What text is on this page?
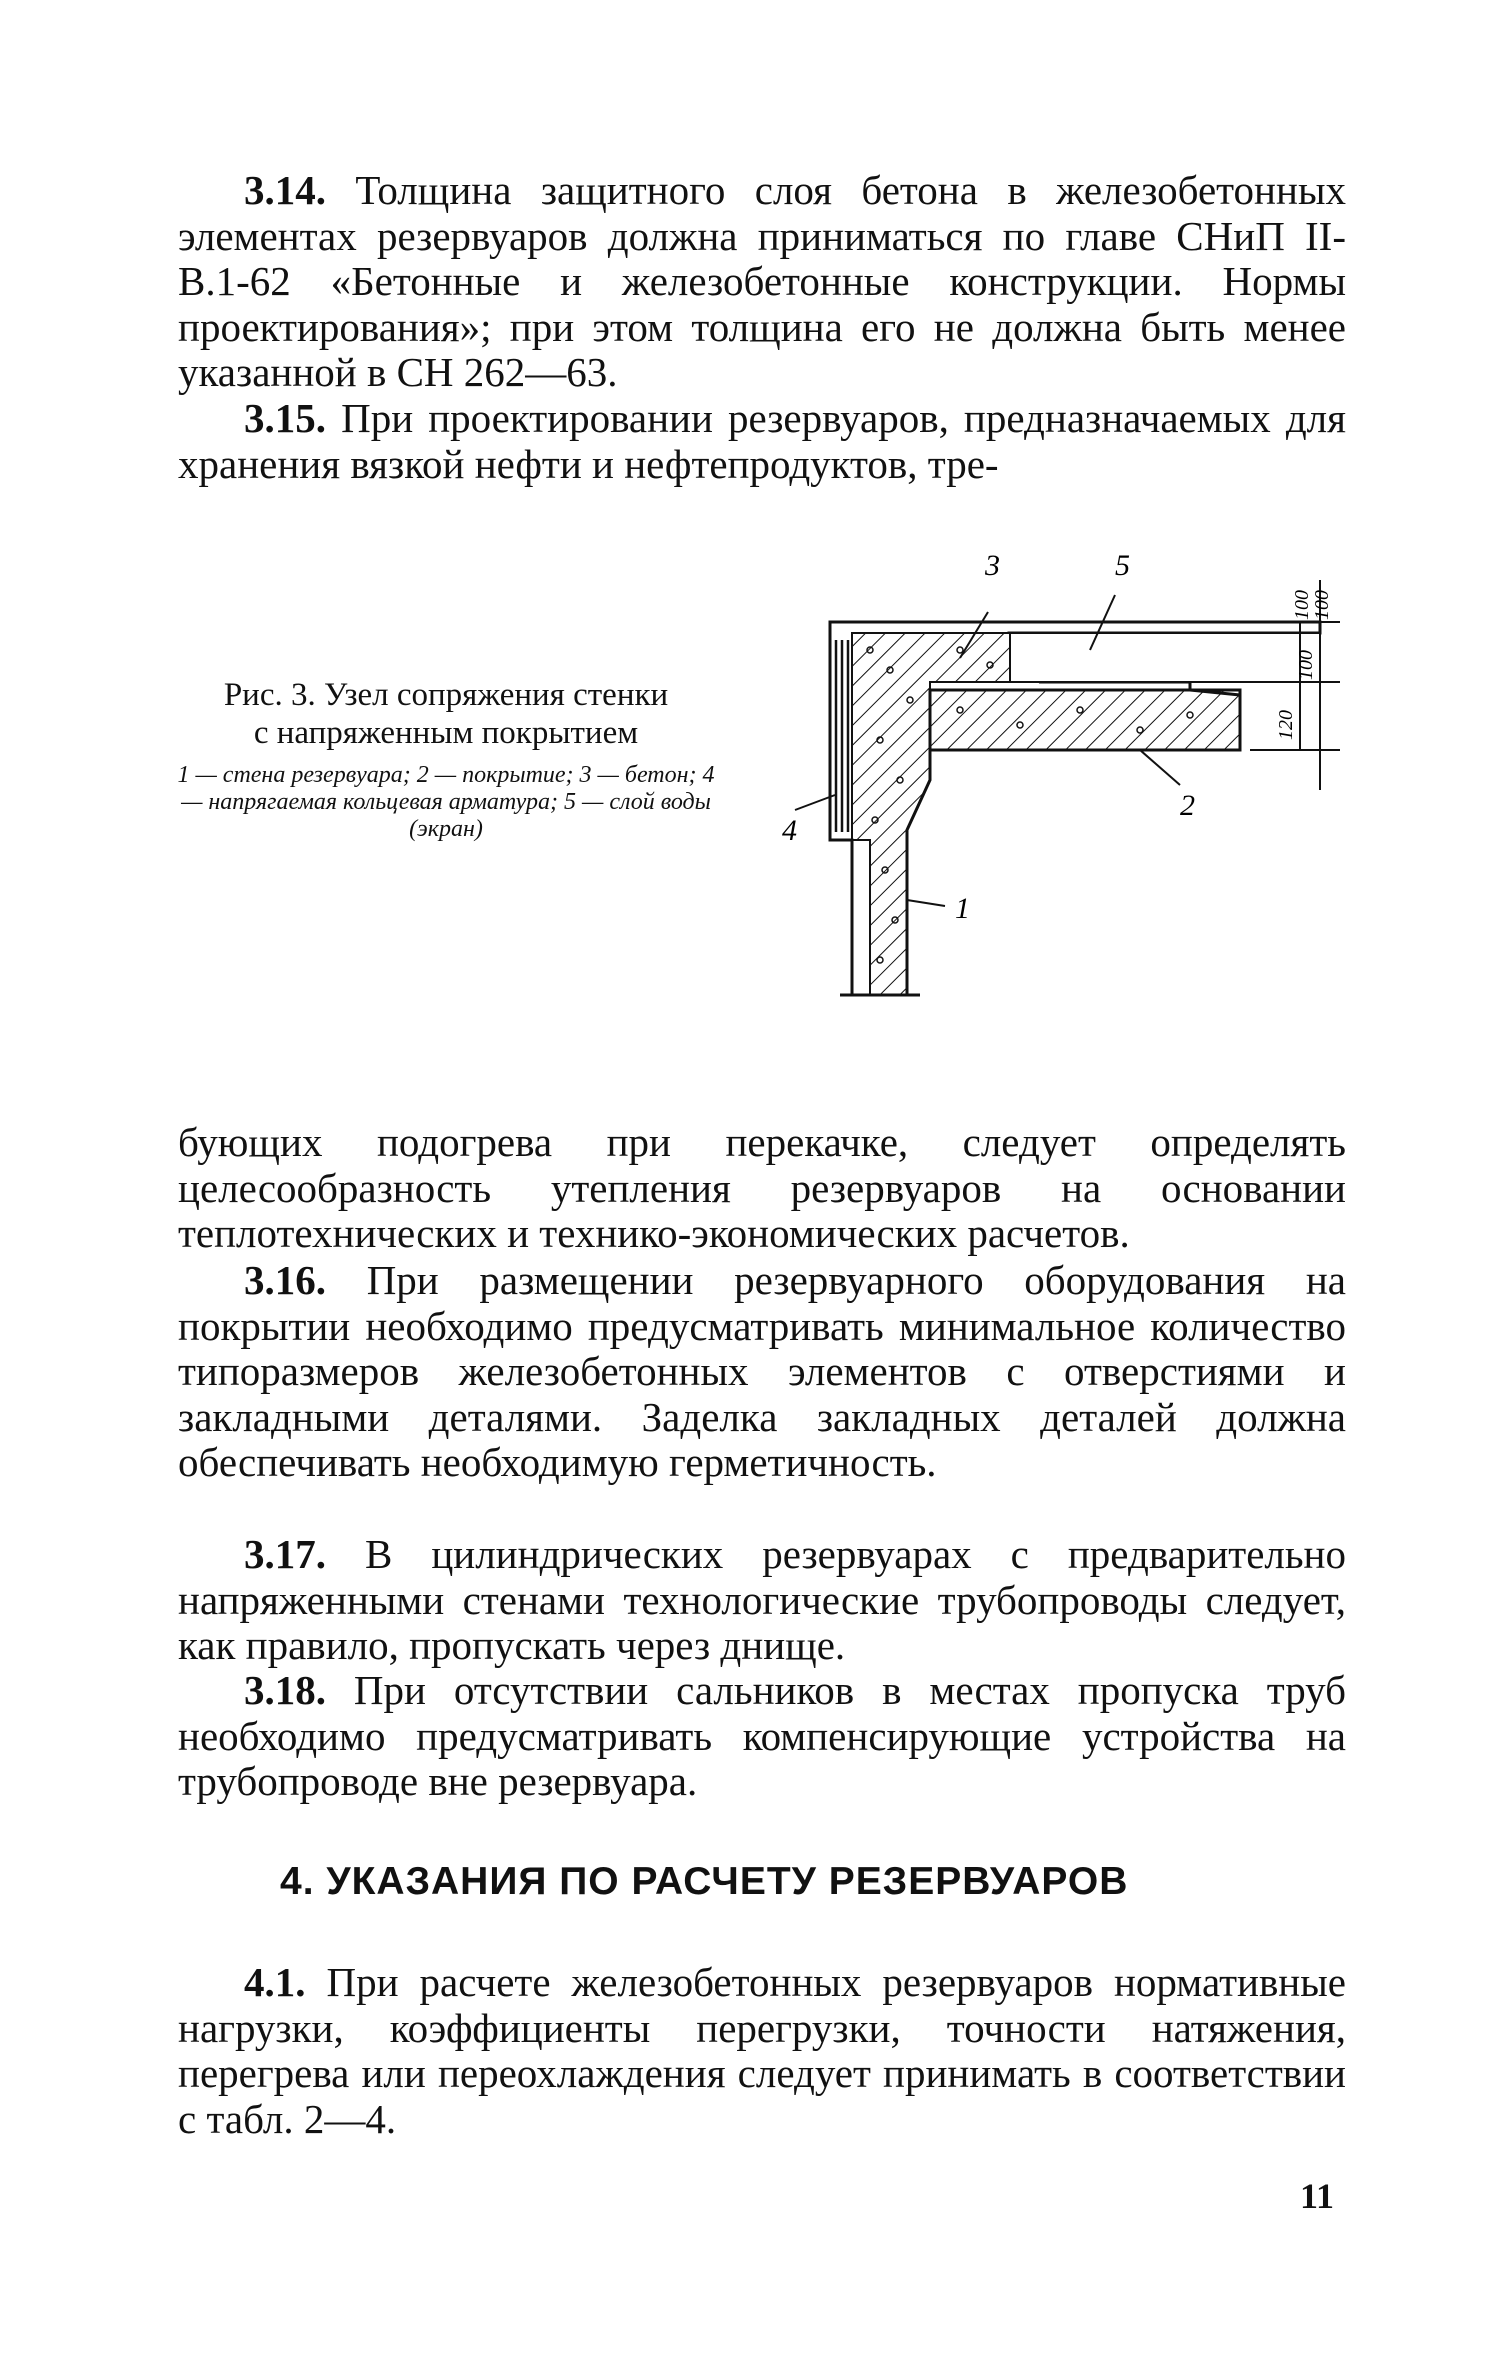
3.14. Толщина защитного слоя бетона в железобетонных элементах резервуаров должна приниматься по главе СНиП II-В.1-62 «Бетонные и железобетонные конструкции. Нормы проектирования»; при этом толщина его не должна быть менее указанной в СН 262—63.
3.15. При проектировании резервуаров, предназначаемых для хранения вязкой нефти и нефтепродуктов, тре-
Рис. 3. Узел сопряжения стенки
с напряженным покрытием
1 — стена резервуара; 2 — покрытие; 3 — бетон; 4 — напрягаемая кольцевая арматура; 5 — слой воды (экран)
3	5
4
1
2
100
100
120
100
бующих подогрева при перекачке, следует определять целесообразность утепления резервуаров на основании теплотехнических и технико-экономических расчетов.
3.16. При размещении резервуарного оборудования на покрытии необходимо предусматривать минимальное количество типоразмеров железобетонных элементов с отверстиями и закладными деталями. Заделка закладных деталей должна обеспечивать необходимую герметичность.
3.17. В цилиндрических резервуарах с предварительно напряженными стенами технологические трубопроводы следует, как правило, пропускать через днище.
3.18. При отсутствии сальников в местах пропуска труб необходимо предусматривать компенсирующие устройства на трубопроводе вне резервуара.
4. УКАЗАНИЯ ПО РАСЧЕТУ РЕЗЕРВУАРОВ
4.1. При расчете железобетонных резервуаров нормативные нагрузки, коэффициенты перегрузки, точности натяжения, перегрева или переохлаждения следует принимать в соответствии с табл. 2—4.
11
